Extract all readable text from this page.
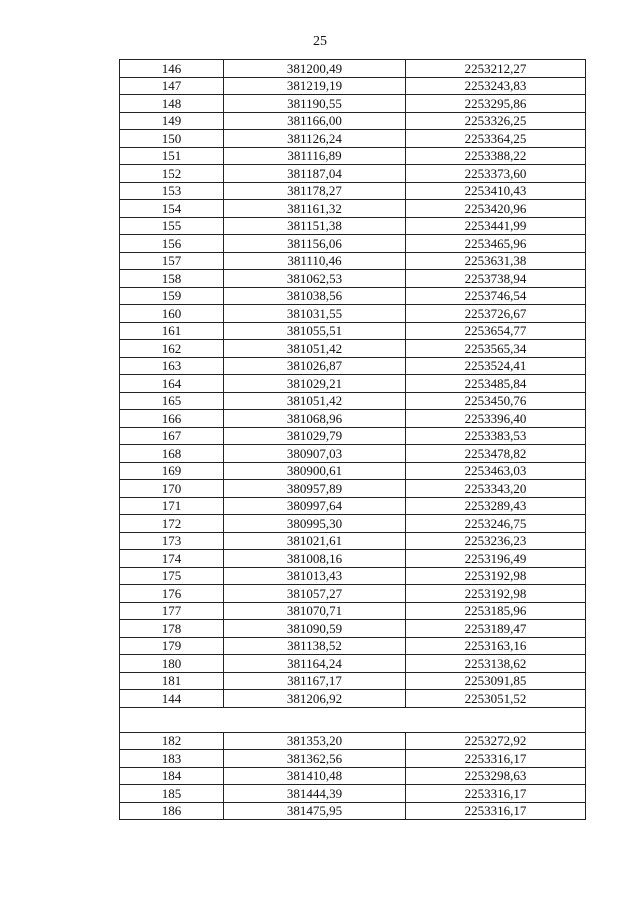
25
146	381200,49	2253212,27
147	381219,19	2253243,83
148	381190,55	2253295,86
149	381166,00	2253326,25
150	381126,24	2253364,25
151	381116,89	2253388,22
152	381187,04	2253373,60
153	381178,27	2253410,43
154	381161,32	2253420,96
155	381151,38	2253441,99
156	381156,06	2253465,96
157	381110,46	2253631,38
158	381062,53	2253738,94
159	381038,56	2253746,54
160	381031,55	2253726,67
161	381055,51	2253654,77
162	381051,42	2253565,34
163	381026,87	2253524,41
164	381029,21	2253485,84
165	381051,42	2253450,76
166	381068,96	2253396,40
167	381029,79	2253383,53
168	380907,03	2253478,82
169	380900,61	2253463,03
170	380957,89	2253343,20
171	380997,64	2253289,43
172	380995,30	2253246,75
173	381021,61	2253236,23
174	381008,16	2253196,49
175	381013,43	2253192,98
176	381057,27	2253192,98
177	381070,71	2253185,96
178	381090,59	2253189,47
179	381138,52	2253163,16
180	381164,24	2253138,62
181	381167,17	2253091,85
144	381206,92	2253051,52

182	381353,20	2253272,92
183	381362,56	2253316,17
184	381410,48	2253298,63
185	381444,39	2253316,17
186	381475,95	2253316,17
